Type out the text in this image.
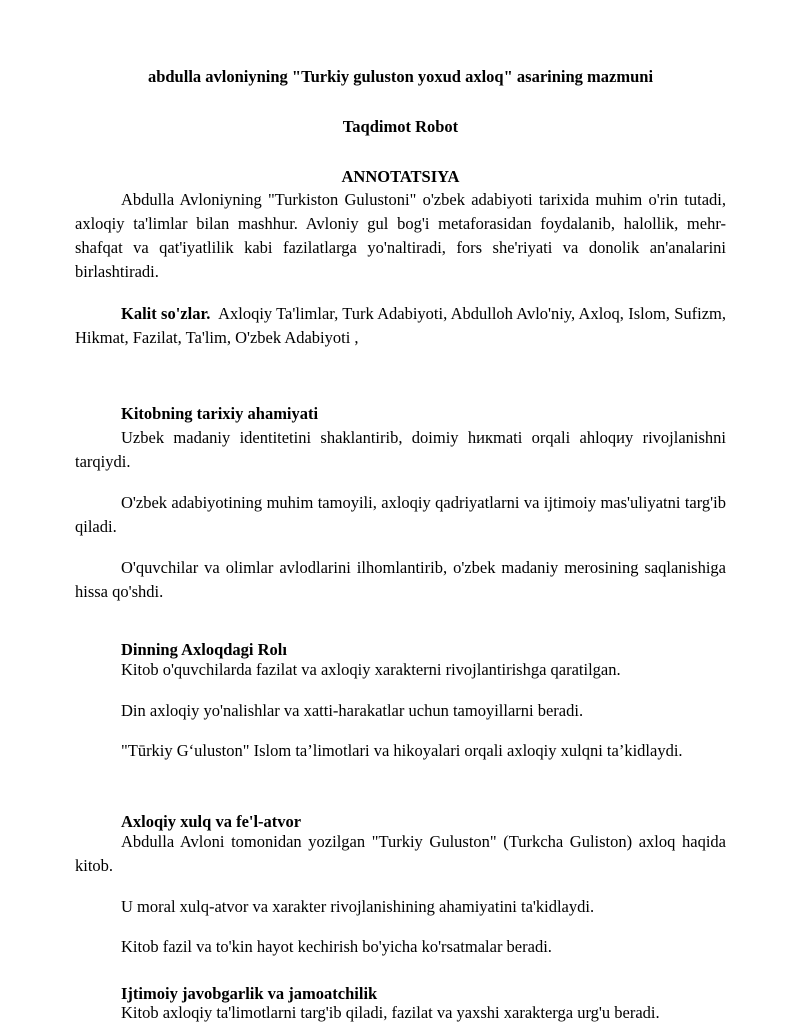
abdulla avloniyning "Turkiy guluston yoxud axloq" asarining mazmuni
Taqdimot Robot
ANNOTATSIYA

Abdulla Avloniyning "Turkiston Gulustoni" o'zbek adabiyoti tarixida muhim o'rin tutadi, axloqiy ta'limlar bilan mashhur. Avloniy gul bog'i metaforasidan foydalanib, halollik, mehr-shafqat va qat'iyatlilik kabi fazilatlarga yo'naltiradi, fors she'riyati va donolik an'analarini birlashtiradi.

Kalit so'zlar. Axloqiy Ta'limlar, Turk Adabiyoti, Abdulloh Avlo'niy, Axloq, Islom, Sufizm, Hikmat, Fazilat, Ta'lim, O'zbek Adabiyoti ,

Kitobning tarixiy ahamiyati

Uzbek madaniy identitetini shaklantirib, doimiy hикmati orqali ahloqиy rivojlanishni tarqiydi.

O'zbek adabiyotining muhim tamoyili, axloqiy qadriyatlarni va ijtimoiy mas'uliyatni targ'ib qiladi.

O'quvchilar va olimlar avlodlarini ilhomlantirib, o'zbek madaniy merosining saqlanishiga hissa qo'shdi.

Dinning Axloqdagi Rolı

Kitob o'quvchilarda fazilat va axloqiy xarakterni rivojlantirishga qaratilgan.

Din axloqiy yo'nalishlar va xatti-harakatlar uchun tamoyillarni beradi.

"Tūrkiy G‘uluston" Islom ta’limotlari va hikoyalari orqali axloqiy xulqni ta’kidlaydi.

Axloqiy xulq va fe'l-atvor

Abdulla Avloni tomonidan yozilgan "Turkiy Guluston" (Turkcha Guliston) axloq haqida kitob.

U moral xulq-atvor va xarakter rivojlanishining ahamiyatini ta'kidlaydi.

Kitob fazil va to'kin hayot kechirish bo'yicha ko'rsatmalar beradi.

Ijtimoiy javobgarlik va jamoatchilik

Kitob axloqiy ta'limotlarni targ'ib qiladi, fazilat va yaxshi xarakterga urg'u beradi.
